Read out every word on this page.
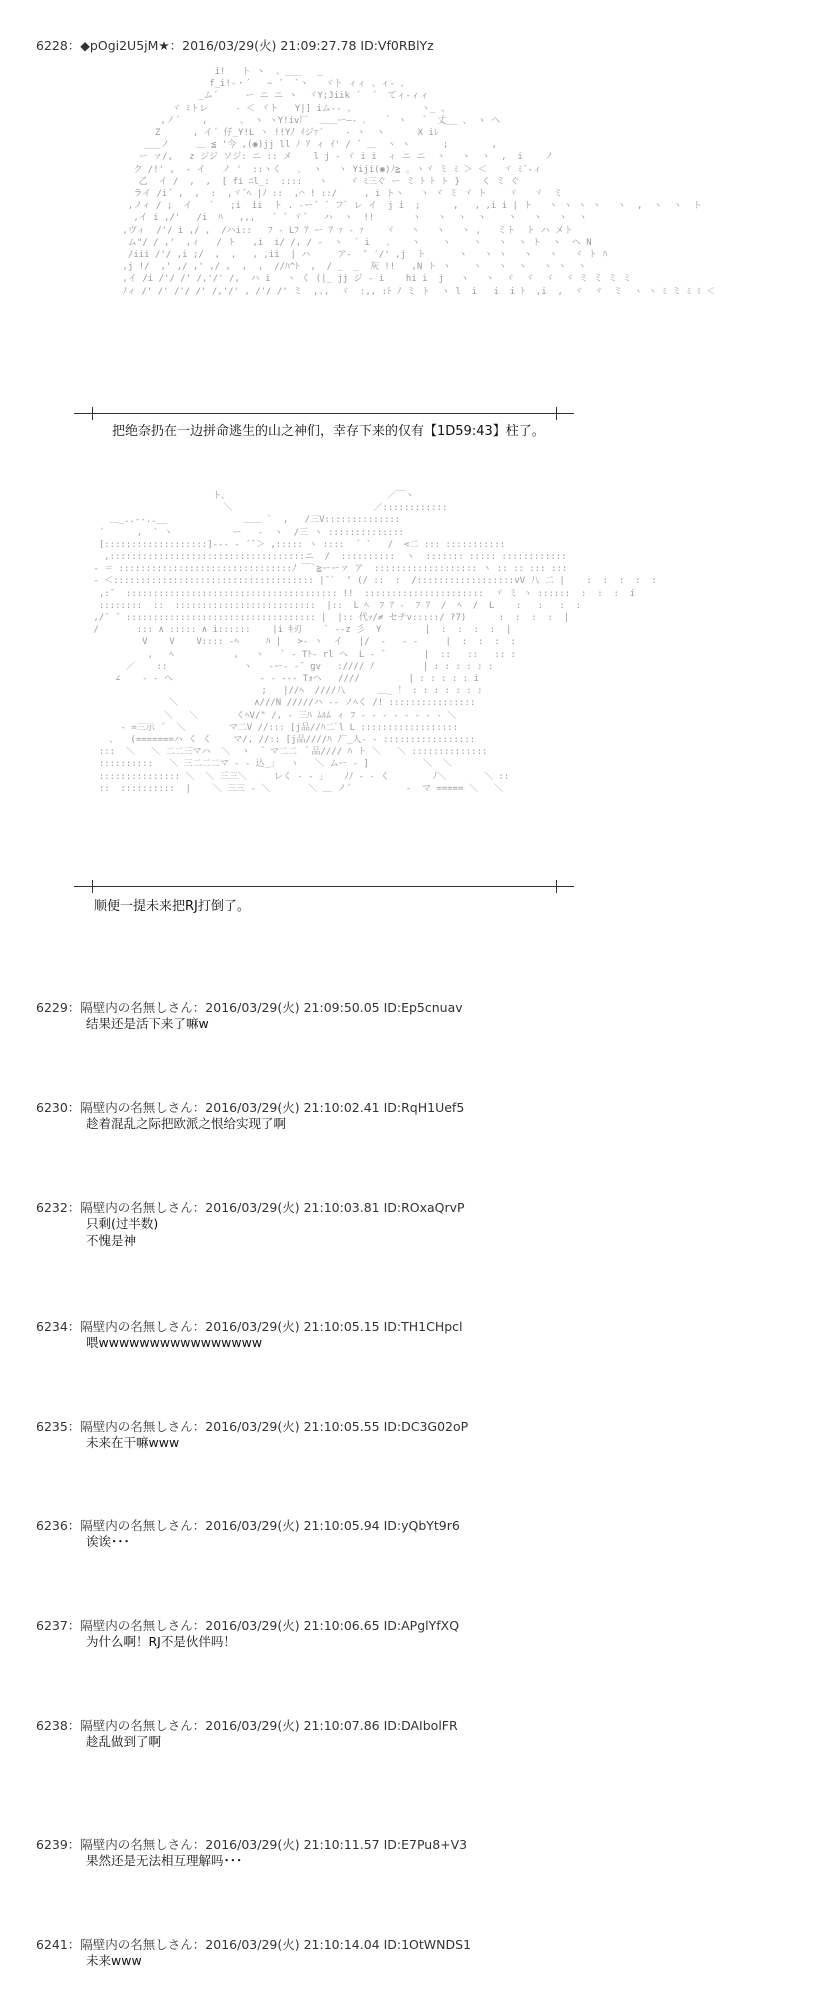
6228：◆pOgi2U5jM★：2016/03/29(火) 21:09:27.78 ID:Vf0RBlYz
i!   ト ヽ  、___   _
f_i!-・´   ~ ´  `ヽ   ヾト ィィ 、ィ‐ 、
_ム´     ー ニ ニ ヽ  ヾY;Jiik ´  ´  てィ‐ィィ
ヾ ﾐトレ     ‐ ＜ ヾト   Y|] iム‐‐ 、            ヽ_ 、
,ノ´    ,      、 ヽ ヽY!iv厂  ＿＿ー―‐ ､   ｀ ヽ   ゛ 丈__ 、 ゝ へ
Z      , イ´ 仔_Y!L ヽ !!Yﾉ ｲジｧ´    ‐ ヽ  ヽ      X iﾚ
___ノ     ＿ ≦ '今 ,(◉)jj ll ﾉ ｱ ィ ｲ' / ´ ＿  ヽ ヽ      ;        ,
ー ァ/,   z ジジ ソジ: ニ :: メ    l j ‐ ヾ i i  ィ ニ ニ  ヽ   ヽ  ヽ  ,  i    ノ
ク /!' ,  ‐ イ   ノ '  ::ヽく   ､  ヽ   ヽ Yiji(◉)ﾉ≧ ｡ ヽヾ ミ ﾐ ＞ ＜   ヾ ﾐ´‐ィ
乙  イ /  ,  ,  [ fi ﾆl_:  ::::   ヽ    ヾ ﾐ三ぐ ー ミ ﾄ ﾄ ト }    く ミ ぐ
ライ /i´ ,  ,  :  ,ヾ´ﾍ |ﾉ ::  ,⌒ ! ::/     , i トヽ   ヽ ヾ ミ ヾ ト    ヾ   ヾ  ミ
,ノィ / ;  イ   ´   ;i  ii  ト . -ー´ ´ フﾞ レ イ  j i  ;      ,   , ,i i | ト   ヽ ヽ ヽ ヽ   ヽ  ,  ヽ  ヽ  ト
,イ i ,/'   /i  ﾊ   ,,,   ´ ´ ヾ´   ハ  ヽ  !!       ヽ   ヽ  ヽ  ヽ    ヽ   ヽ   ヽ  ヽ
,ヴィ  /'/ i ,/ ,  /ハi::   ﾌ ‐ Lﾌ ｱ ー ｱ ｧ ‐ ｧ    ヾ   ヽ   ヽ   ヽ ,   ミト  ト ハ メト
ム"/ / ,'  ,ィ   / ト   ,i  i/ /, / ‐  ヽ  ´ i   、   ヽ    ヽ    ヽ   ヽ  ヽ ト  ヽ  ヘ N
/iii /'/ ,i ;/  ,  ,   , ,ii  | ハ     ア‐  ″ ′/' ,j  ト      ヽ   ヽ ヽ   ヽ   ヽ   ヾ ト ﾊ
,j !/  ,' ,/ ,' ,/ ,  ,  ,  //ﾊ^ﾄ  ,  / _  _  灰 !!   ,N ト ヽ    ヽ   ヽ  ヽ   ヽ ヽ  ヽ
,イ /i /'/ /' /,'/' /,  ハ i   ヽ く (|_ jj ジ ‐ i    hi i  j   ヽ   ヽ  ヾ  ヾ  ヾ  ヾ ミ ミ ミ ミ
ﾉィ /' /' /'/ /' /,'/' , /'/ /' ミ  ,.,  ヾ  :,, :ﾄ ﾉ ミ ト  ヽ l  i   i  i ﾄ  ,i  ,  ヾ  ヾ  ミ  ヽ ヽ ﾐ ミ ﾐ ﾐ ＜

把绝奈扔在一边拼命逃生的山之神们，幸存下来的仅有【1D59:43】柱了。
ト、                             ／￣ヽ
＼                          ／::::::::::::
＿_..--..__              ＿＿ `  ,   /三V::::::::::::::
´      ,  ` ヽ           ー   ‐  ヽ  /三 ヽ ::::::::::::::
[:::::::::::::::::::]‐‐‐ ‐ ´¯＞ ,::::: ヽ ::::  ´ `   /  <二 ::: :::::::::::
,::::::::::::::::::::::::::::::::::::ニ  /  ::::::::::  ヽ  ::::::: ::::: ::::::::::::
‐ ＝ ::::::::::::::::::::::::::::::::ﾉ ￣`≧ーーァ ア  ::::::::::::::::::: ヽ :: :: ::: :::
‐ ＜::::::::::::::::::::::::::::::::::::: |¯`  ‘ (/ ::  :  /::::::::::::::::::vV 八 二 |    :  :  :  :  :
,:¯  ::::::::::::::::::::::::::::::::::::::: !!  ::::::::::::::::::::::  ヾ ミ ヽ ::::::  :  :  :  i
::::::::  ::  ::::::::::::::::::::::::::  |::  L ﾍ  ﾌ ｱ ‐  ﾌ ｱ  /  ﾍ  /  L    :   :   :  :
,/¯ ¯ ::::::::::::::::::::::::::::::::::: |  |:: 代ｯ/≠ セチv:::::/ ?7)      :  :  :  :  |
/       ::: ∧ ::::: ∧ i::::::    |i ｷ刃    ` ‐‐z 彡  Y        |  :  :  :  :  |
V    V    V:::: ‐ﾍ     ﾊ |   >‐ ヽ  イ   |/  ‐   ‐ ‐     |  :  :  :  :
,   ﾍ           ,   ヽ   ` ‐ Tﾄ‐ rl ヘ  L ‐ ¯       |  ::   ::   :: :
／    ::              ヽ   ‐ー‐ ‐¯ gv   ://// ﾉ         | : : : : : :
∠    ‐ ‐ ヘ                ‐ ‐ ‐‐‐ Tｫヘ   ////         | : : : : : i
;   |//ﾍ  ////八      ＿_ ！ : : : : : : :
＼              ∧///N /////ハ ‐‐ ノﾍく /! ::::::::::::::::
＼   ＼       くﾍV/" /, ‐ 三ﾊ ﾑﾙﾑ ィ ﾌ ‐ ‐ ‐ ‐ ‐ ‐ ‐ ‐ ＼
‐ =三示 ´  ＼        マ二V //::: [j品//ﾊ二ﾞl L ::::::::::::::::::
､   (=======ハ く く    マ/, //:: [j品////ﾊ ﾉ‾_人‐ ‐ :::::::::::::::::
:::  ＼   ＼ 二二三マハ  ＼  ヽ  ゛マ二二 ｀品//// ﾊ ト ＼   ＼ ::::::::::::::
::::::::::   ＼ 三二二二マ ‐ ‐ 込_」  ヽ   ＼ ムー ‐ ]          ＼  ＼
::::::::::::::: ＼  ＼ 三三＼     レく ‐ ‐ 」   ﾉﾉ ‐ ‐ く        ﾉ＼       ＼ ::
::  ::::::::::  |    ＼ 三三 ‐ ＼       ＼ ＿ ノ´          ‐  マ ===== ＼   ＼

顺便一提未来把RJ打倒了。
6229：隔壁内の名無しさん：2016/03/29(火) 21:09:50.05 ID:Ep5cnuav
结果还是活下来了嘛w
6230：隔壁内の名無しさん：2016/03/29(火) 21:10:02.41 ID:RqH1Uef5
趁着混乱之际把欧派之恨给实现了啊
6232：隔壁内の名無しさん：2016/03/29(火) 21:10:03.81 ID:ROxaQrvP
只剩(过半数)
不愧是神
6234：隔壁内の名無しさん：2016/03/29(火) 21:10:05.15 ID:TH1CHpcl
喂wwwwwwwwwwwwwwww
6235：隔壁内の名無しさん：2016/03/29(火) 21:10:05.55 ID:DC3G02oP
未来在干嘛www
6236：隔壁内の名無しさん：2016/03/29(火) 21:10:05.94 ID:yQbYt9r6
诶诶･･･
6237：隔壁内の名無しさん：2016/03/29(火) 21:10:06.65 ID:APglYfXQ
为什么啊！RJ不是伙伴吗！
6238：隔壁内の名無しさん：2016/03/29(火) 21:10:07.86 ID:DAIbolFR
趁乱做到了啊
6239：隔壁内の名無しさん：2016/03/29(火) 21:10:11.57 ID:E7Pu8+V3
果然还是无法相互理解吗･･･
6241：隔壁内の名無しさん：2016/03/29(火) 21:10:14.04 ID:1OtWNDS1
未来www
